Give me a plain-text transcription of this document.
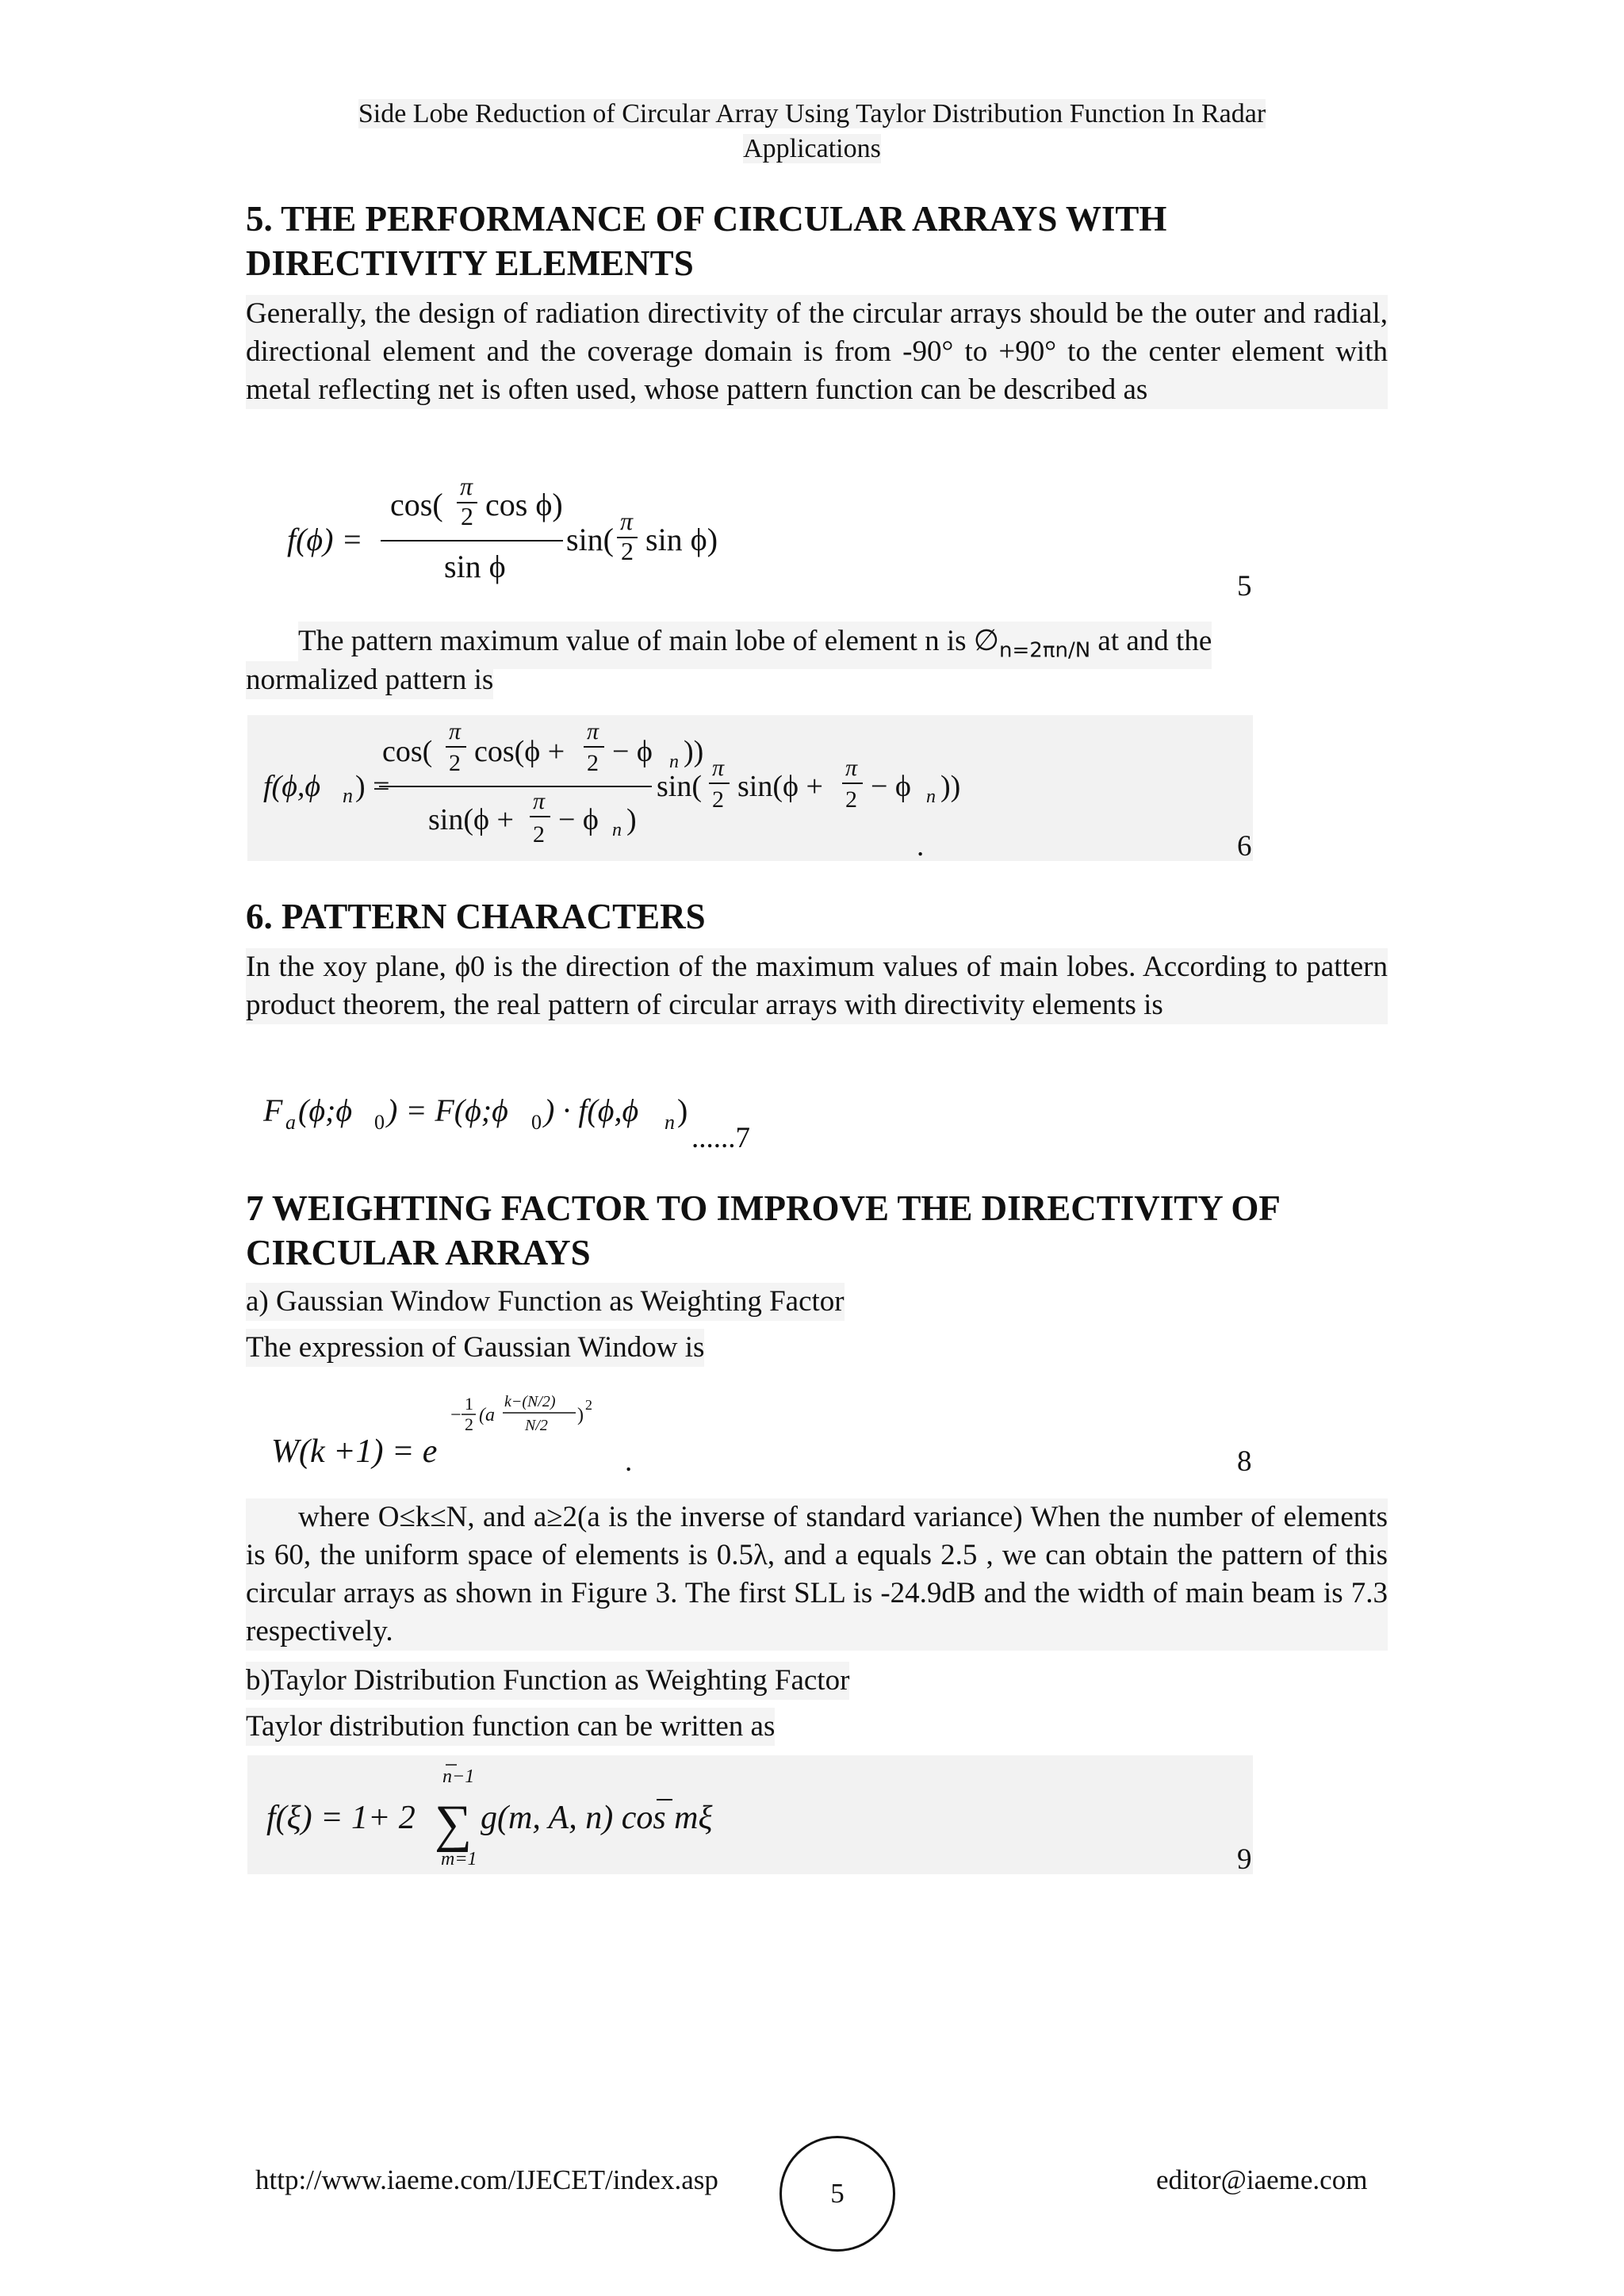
Side Lobe Reduction of Circular Array Using Taylor Distribution Function In Radar
Applications
5. THE PERFORMANCE OF CIRCULAR ARRAYS WITH
DIRECTIVITY ELEMENTS

Generally, the design of radiation directivity of the circular arrays should be the outer and radial, directional element and the coverage domain is from -90° to +90° to the center element with metal reflecting net is often used, whose pattern function can be described as

f(ϕ) =
cos(
π
2 cos ϕ)
sin ϕ
sin(
π
2 sin ϕ)
5
The pattern maximum value of main lobe of element n is $\emptyset_{n=2\pi n/N}$ at and the
normalized pattern is
f(ϕ,ϕ n ) =
cos(
π
2 cos(ϕ +
π
2 − ϕ n ))
sin(ϕ +
π
2 − ϕ n )
sin(
π
2 sin(ϕ +
π
2 − ϕ n ))
.	6
6. PATTERN CHARACTERS

In the xoy plane, ϕ0 is the direction of the maximum values of main lobes. According to pattern product theorem, the real pattern of circular arrays with directivity elements is

F a (ϕ;ϕ 0 ) = F(ϕ;ϕ 0 ) · f(ϕ,ϕ n )
......7
7 WEIGHTING FACTOR TO IMPROVE THE DIRECTIVITY OF
CIRCULAR ARRAYS
a) Gaussian Window Function as Weighting Factor
The expression of Gaussian Window is
W(k +1) = e
−
1
2 (a
k−(N/2)
N/2 ) 2
.	8

where O≤k≤N, and a≥2(a is the inverse of standard variance) When the number of elements is 60, the uniform space of elements is 0.5λ, and a equals 2.5 , we can obtain the pattern of this circular arrays as shown in Figure 3. The first SLL is -24.9dB and the width of main beam is 7.3 respectively.

b)Taylor Distribution Function as Weighting Factor
Taylor distribution function can be written as
f(ξ) = 1+ 2
n−1
∑
m=1
g(m, A, n) cos mξ
9
http://www.iaeme.com/IJECET/index.asp	5	editor@iaeme.com
